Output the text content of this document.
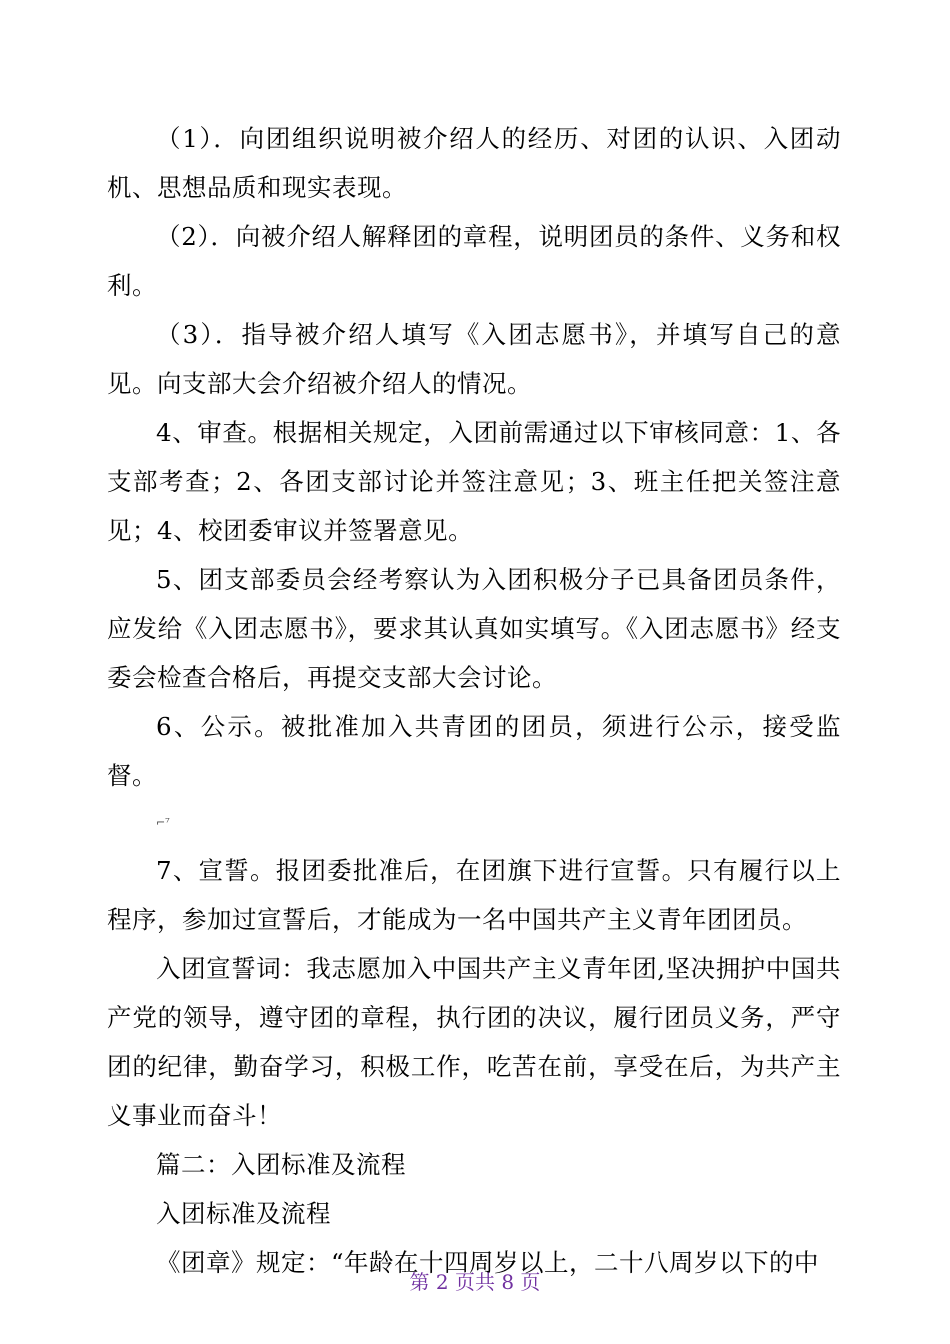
（1）．向团组织说明被介绍人的经历、对团的认识、入团动机、思想品质和现实表现。

（2）．向被介绍人解释团的章程，说明团员的条件、义务和权利。

（3）．指导被介绍人填写《入团志愿书》，并填写自己的意见。向支部大会介绍被介绍人的情况。

4、审查。根据相关规定，入团前需通过以下审核同意：1、各支部考查；2、各团支部讨论并签注意见；3、班主任把关签注意见；4、校团委审议并签署意见。

5、团支部委员会经考察认为入团积极分子已具备团员条件，应发给《入团志愿书》，要求其认真如实填写。《入团志愿书》经支委会检查合格后，再提交支部大会讨论。

6、公示。被批准加入共青团的团员，须进行公示，接受监督。

⌐⁷

7、宣誓。报团委批准后，在团旗下进行宣誓。只有履行以上程序，参加过宣誓后，才能成为一名中国共产主义青年团团员。

入团宣誓词：我志愿加入中国共产主义青年团,坚决拥护中国共产党的领导，遵守团的章程，执行团的决议，履行团员义务，严守团的纪律，勤奋学习，积极工作，吃苦在前，享受在后，为共产主义事业而奋斗！

篇二：入团标准及流程

入团标准及流程

《团章》规定：“年龄在十四周岁以上，二十八周岁以下的中

第 2 页共 8 页
